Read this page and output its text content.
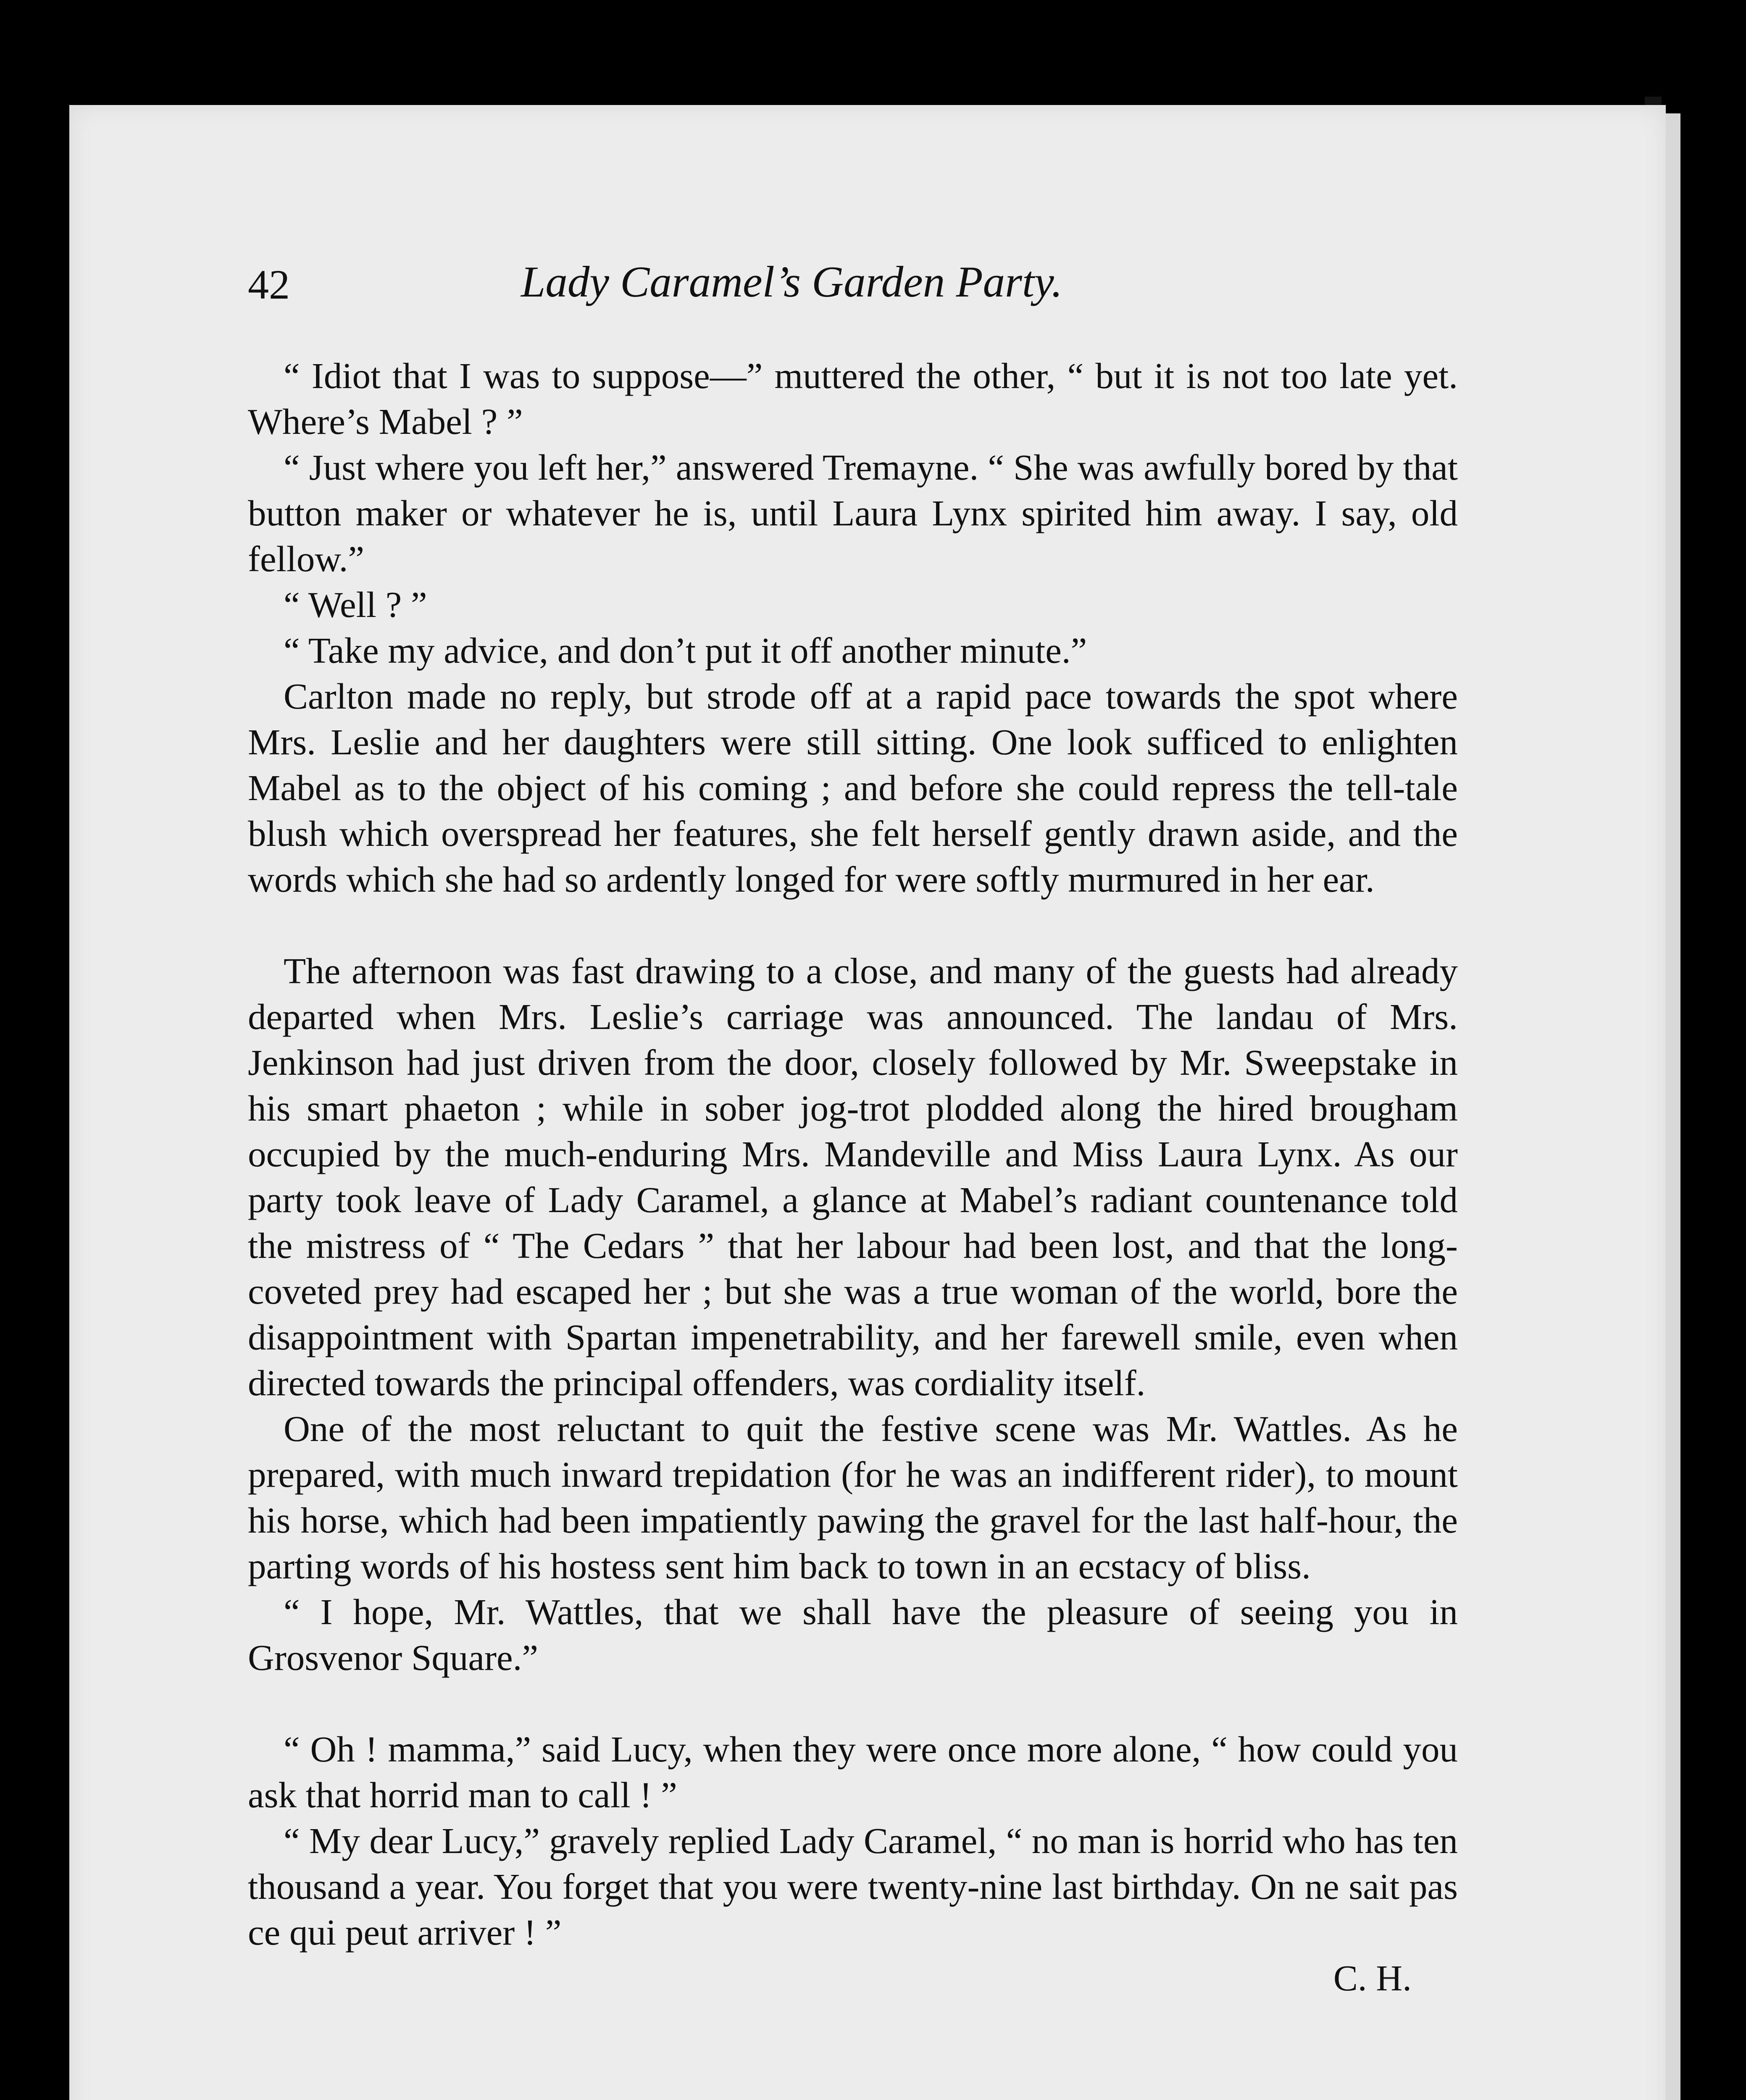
42	Lady Caramel’s Garden Party.

“ Idiot that I was to suppose—” muttered the other, “ but it is not too late yet. Where’s Mabel ? ”

“ Just where you left her,” answered Tremayne. “ She was awfully bored by that button maker or whatever he is, until Laura Lynx spirited him away. I say, old fellow.”

“ Well ? ”

“ Take my advice, and don’t put it off another minute.”

Carlton made no reply, but strode off at a rapid pace towards the spot where Mrs. Leslie and her daughters were still sitting. One look sufficed to enlighten Mabel as to the object of his coming ; and before she could repress the tell-tale blush which overspread her features, she felt herself gently drawn aside, and the words which she had so ardently longed for were softly murmured in her ear.

The afternoon was fast drawing to a close, and many of the guests had already departed when Mrs. Leslie’s carriage was announced. The landau of Mrs. Jenkinson had just driven from the door, closely followed by Mr. Sweepstake in his smart phaeton ; while in sober jog-trot plodded along the hired brougham occupied by the much-enduring Mrs. Mandeville and Miss Laura Lynx. As our party took leave of Lady Caramel, a glance at Mabel’s radiant countenance told the mistress of “ The Cedars ” that her labour had been lost, and that the long-coveted prey had escaped her ; but she was a true woman of the world, bore the disappointment with Spartan impenetrability, and her farewell smile, even when directed towards the principal offenders, was cordiality itself.

One of the most reluctant to quit the festive scene was Mr. Wattles. As he prepared, with much inward trepidation (for he was an indifferent rider), to mount his horse, which had been impatiently pawing the gravel for the last half-hour, the parting words of his hostess sent him back to town in an ecstacy of bliss.

“ I hope, Mr. Wattles, that we shall have the pleasure of seeing you in Grosvenor Square.”

“ Oh ! mamma,” said Lucy, when they were once more alone, “ how could you ask that horrid man to call ! ”

“ My dear Lucy,” gravely replied Lady Caramel, “ no man is horrid who has ten thousand a year. You forget that you were twenty-nine last birthday. On ne sait pas ce qui peut arriver ! ”

C. H.
